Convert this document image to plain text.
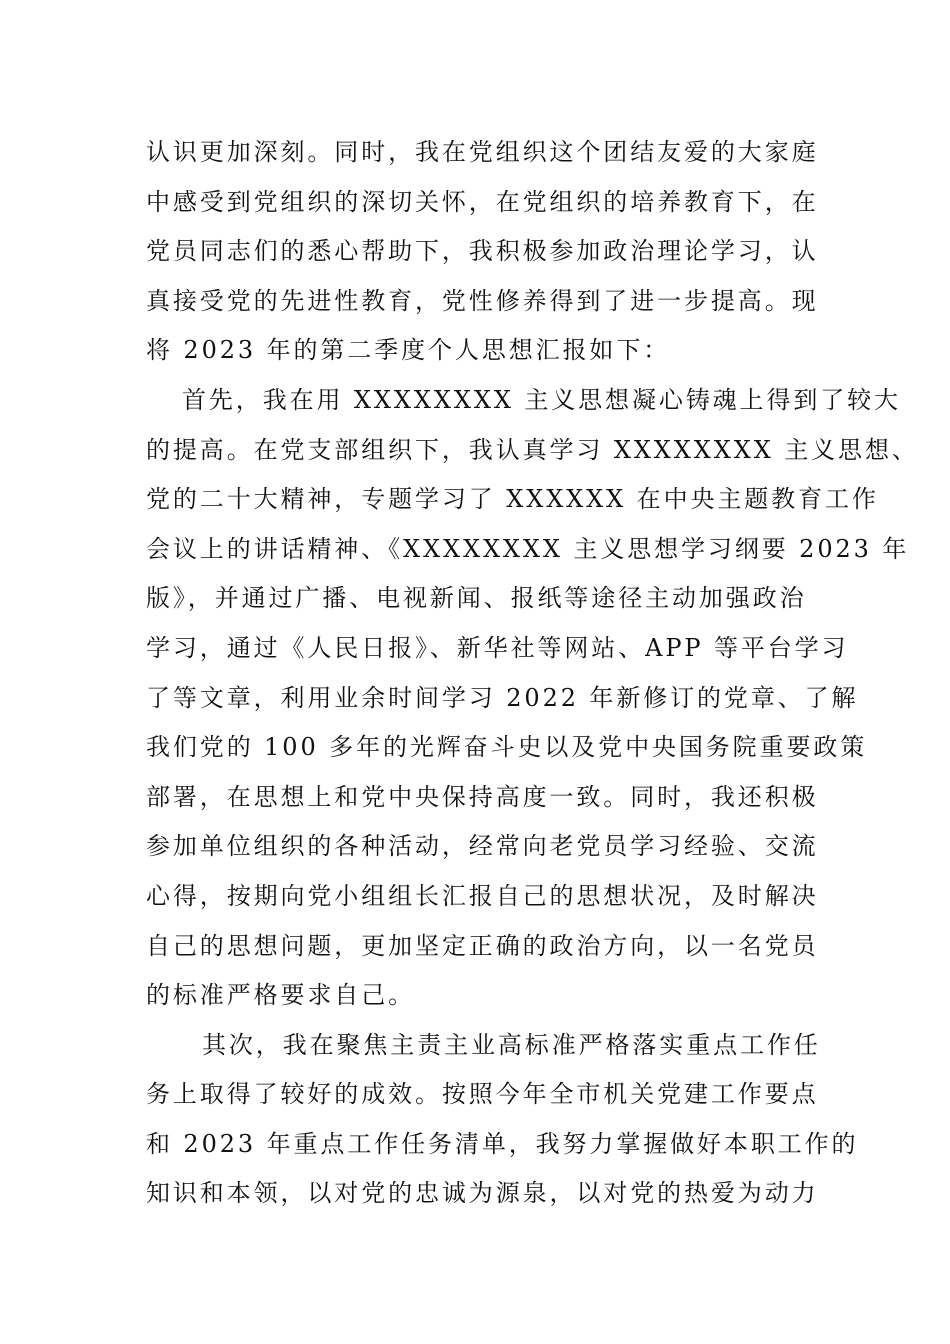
认识更加深刻。同时，我在党组织这个团结友爱的大家庭
中感受到党组织的深切关怀，在党组织的培养教育下，在
党员同志们的悉心帮助下，我积极参加政治理论学习，认
真接受党的先进性教育，党性修养得到了进一步提高。现
将 2023 年的第二季度个人思想汇报如下：
首先，我在用 XXXXXXXX 主义思想凝心铸魂上得到了较大
的提高。在党支部组织下，我认真学习 XXXXXXXX 主义思想、
党的二十大精神，专题学习了 XXXXXX 在中央主题教育工作
会议上的讲话精神、《XXXXXXXX 主义思想学习纲要 2023 年
版》，并通过广播、电视新闻、报纸等途径主动加强政治
学习，通过《人民日报》、新华社等网站、APP 等平台学习
了等文章，利用业余时间学习 2022 年新修订的党章、了解
我们党的 100 多年的光辉奋斗史以及党中央国务院重要政策
部署，在思想上和党中央保持高度一致。同时，我还积极
参加单位组织的各种活动，经常向老党员学习经验、交流
心得，按期向党小组组长汇报自己的思想状况，及时解决
自己的思想问题，更加坚定正确的政治方向，以一名党员
的标准严格要求自己。
其次，我在聚焦主责主业高标准严格落实重点工作任
务上取得了较好的成效。按照今年全市机关党建工作要点
和 2023 年重点工作任务清单，我努力掌握做好本职工作的
知识和本领，以对党的忠诚为源泉，以对党的热爱为动力
